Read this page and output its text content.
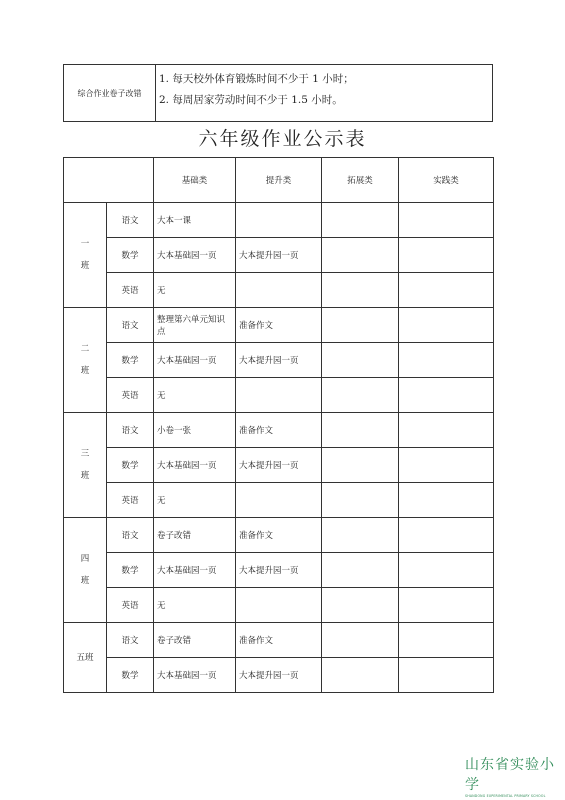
综合作业卷子改错	
1. 每天校外体育锻炼时间不少于 1 小时；
2. 每周居家劳动时间不少于 1.5 小时。
六年级作业公示表
		基础类	提升类	拓展类	实践类

一
班	语文	大本一课			
	数学	大本基础园一页	大本提升园一页		
	英语	无			

二
班	语文	整理第六单元知识点	准备作文		
	数学	大本基础园一页	大本提升园一页		
	英语	无			

三
班	语文	小卷一张	准备作文		
	数学	大本基础园一页	大本提升园一页		
	英语	无			

四
班	语文	卷子改错	准备作文		
	数学	大本基础园一页	大本提升园一页		
	英语	无			

五班	语文	卷子改错	准备作文		
	数学	大本基础园一页	大本提升园一页		
山东省实验小学
SHANDONG EXPERIMENTAL PRIMARY SCHOOL
